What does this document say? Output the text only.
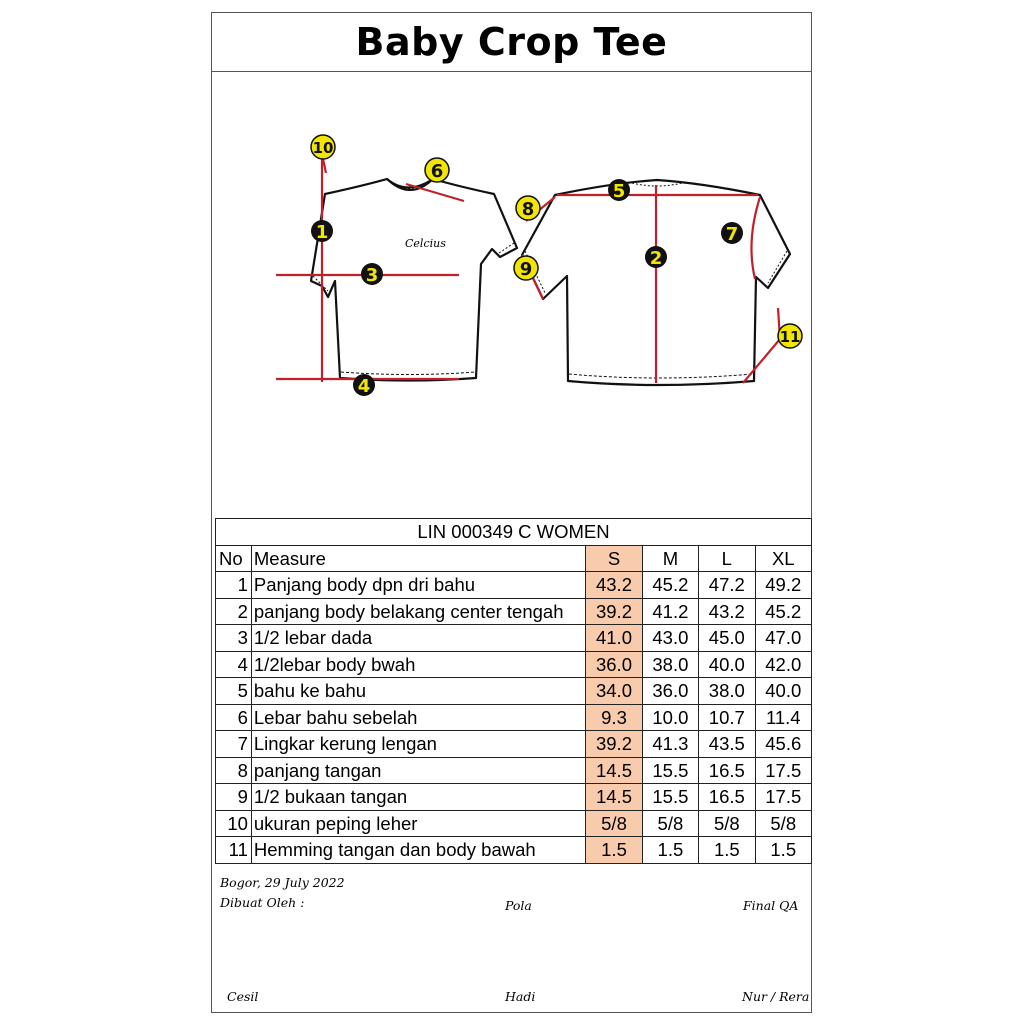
Baby Crop Tee
Celcius
1
2
3
4
5
6
7
8
9
10
11
LIN 000349 C WOMEN					
No	Measure	S	M	L	XL
1	Panjang body dpn dri bahu	43.2	45.2	47.2	49.2
2	panjang body belakang center tengah	39.2	41.2	43.2	45.2
3	1/2 lebar dada	41.0	43.0	45.0	47.0
4	1/2lebar body bwah	36.0	38.0	40.0	42.0
5	bahu ke bahu	34.0	36.0	38.0	40.0
6	Lebar bahu sebelah	9.3	10.0	10.7	11.4
7	Lingkar kerung lengan	39.2	41.3	43.5	45.6
8	panjang tangan	14.5	15.5	16.5	17.5
9	1/2 bukaan tangan	14.5	15.5	16.5	17.5
10	ukuran peping leher	5/8	5/8	5/8	5/8
11	Hemming tangan dan body bawah	1.5	1.5	1.5	1.5
Bogor, 29 July 2022
Dibuat Oleh :	Pola	Final QA
Cesil	Hadi	Nur / Rera
